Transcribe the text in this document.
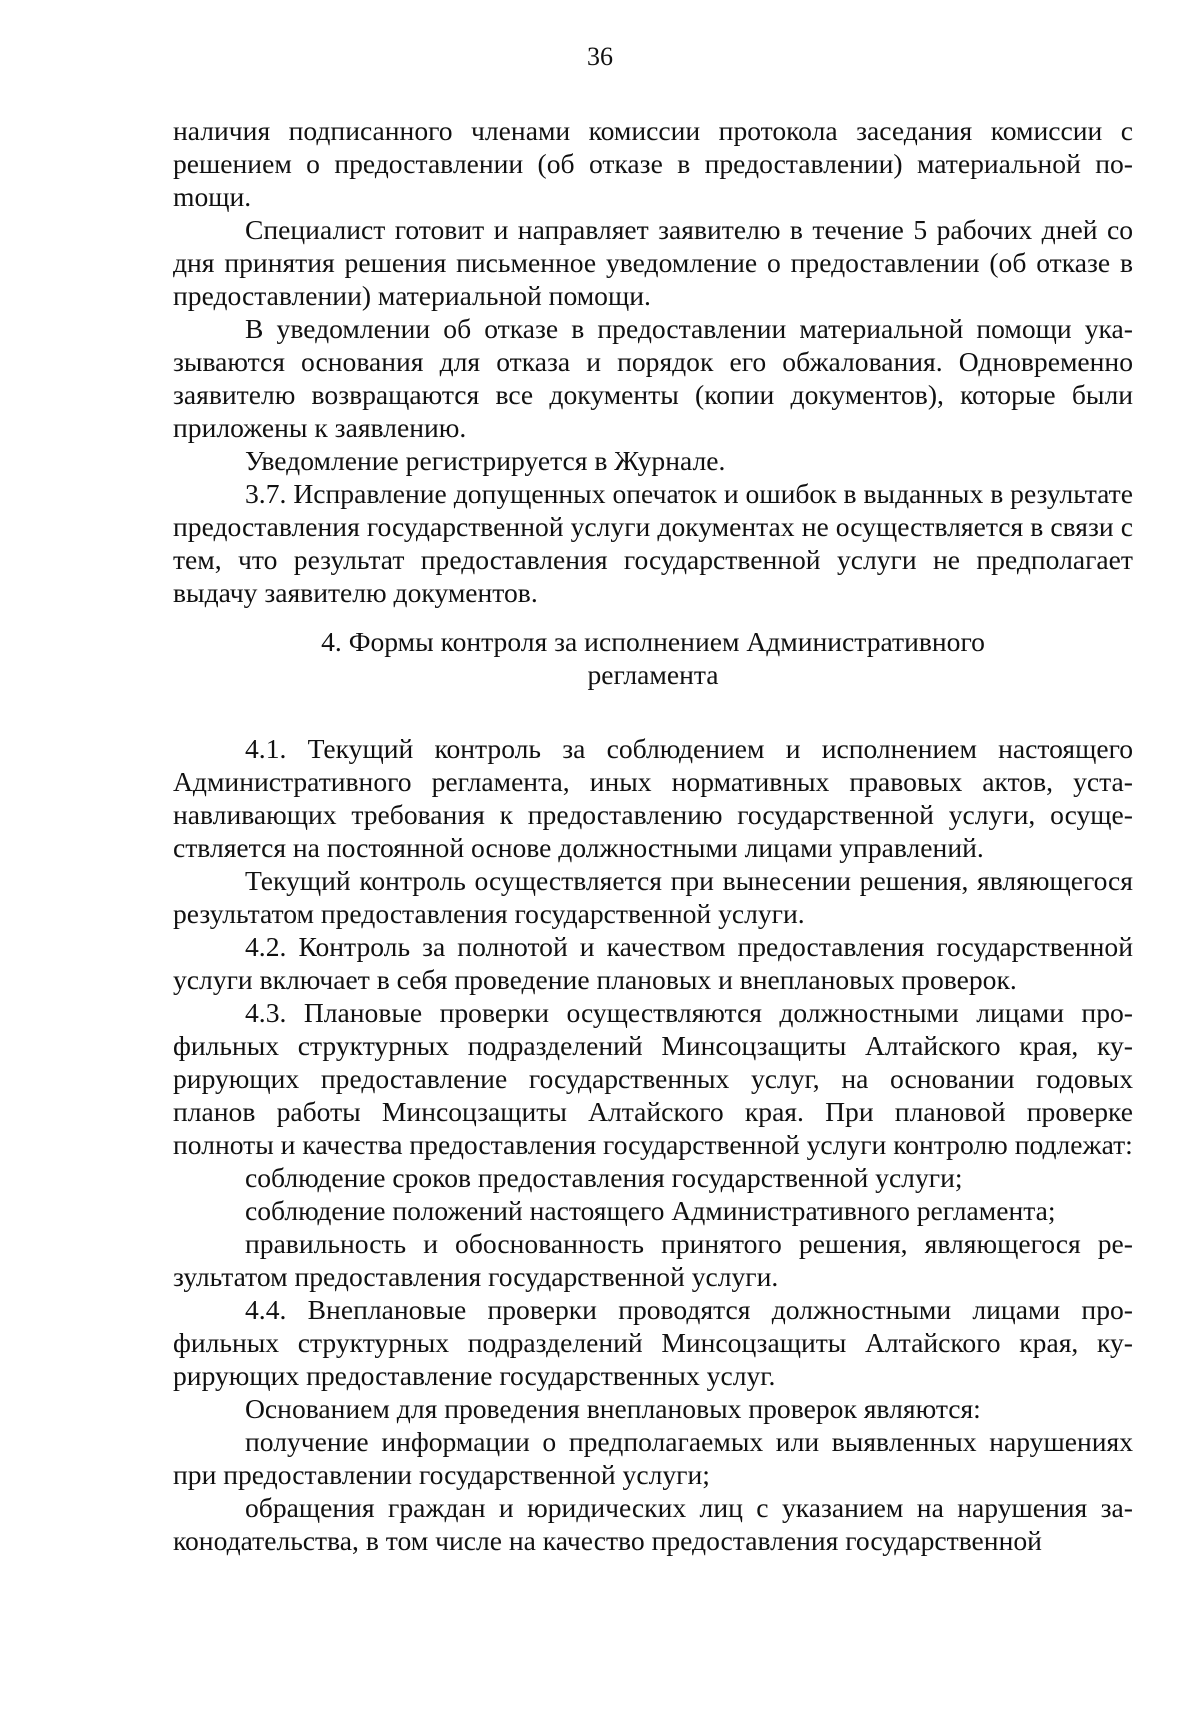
36

наличия подписанного членами комиссии протокола заседания комиссии с решением о предоставлении (об отказе в предоставлении) материальной поmощи.

Специалист готовит и направляет заявителю в течение 5 рабочих дней со дня принятия решения письменное уведомление о предоставлении (об отказе в предоставлении) материальной помощи.

В уведомлении об отказе в предоставлении материальной помощи указываются основания для отказа и порядок его обжалования. Одновременно заявителю возвращаются все документы (копии документов), которые были приложены к заявлению.

Уведомление регистрируется в Журнале.

3.7. Исправление допущенных опечаток и ошибок в выданных в результате предоставления государственной услуги документах не осуществляется в связи с тем, что результат предоставления государственной услуги не предполагает выдачу заявителю документов.

4. Формы контроля за исполнением Административного регламента

4.1. Текущий контроль за соблюдением и исполнением настоящего Административного регламента, иных нормативных правовых актов, устанавливающих требования к предоставлению государственной услуги, осуществляется на постоянной основе должностными лицами управлений.

Текущий контроль осуществляется при вынесении решения, являющегося результатом предоставления государственной услуги.

4.2. Контроль за полнотой и качеством предоставления государственной услуги включает в себя проведение плановых и внеплановых проверок.

4.3. Плановые проверки осуществляются должностными лицами профильных структурных подразделений Минсоцзащиты Алтайского края, курирующих предоставление государственных услуг, на основании годовых планов работы Минсоцзащиты Алтайского края. При плановой проверке полноты и качества предоставления государственной услуги контролю подлежат:

соблюдение сроков предоставления государственной услуги;

соблюдение положений настоящего Административного регламента;

правильность и обоснованность принятого решения, являющегося результатом предоставления государственной услуги.

4.4. Внеплановые проверки проводятся должностными лицами профильных структурных подразделений Минсоцзащиты Алтайского края, курирующих предоставление государственных услуг.

Основанием для проведения внеплановых проверок являются:

получение информации о предполагаемых или выявленных нарушениях при предоставлении государственной услуги;

обращения граждан и юридических лиц с указанием на нарушения законодательства, в том числе на качество предоставления государственной
